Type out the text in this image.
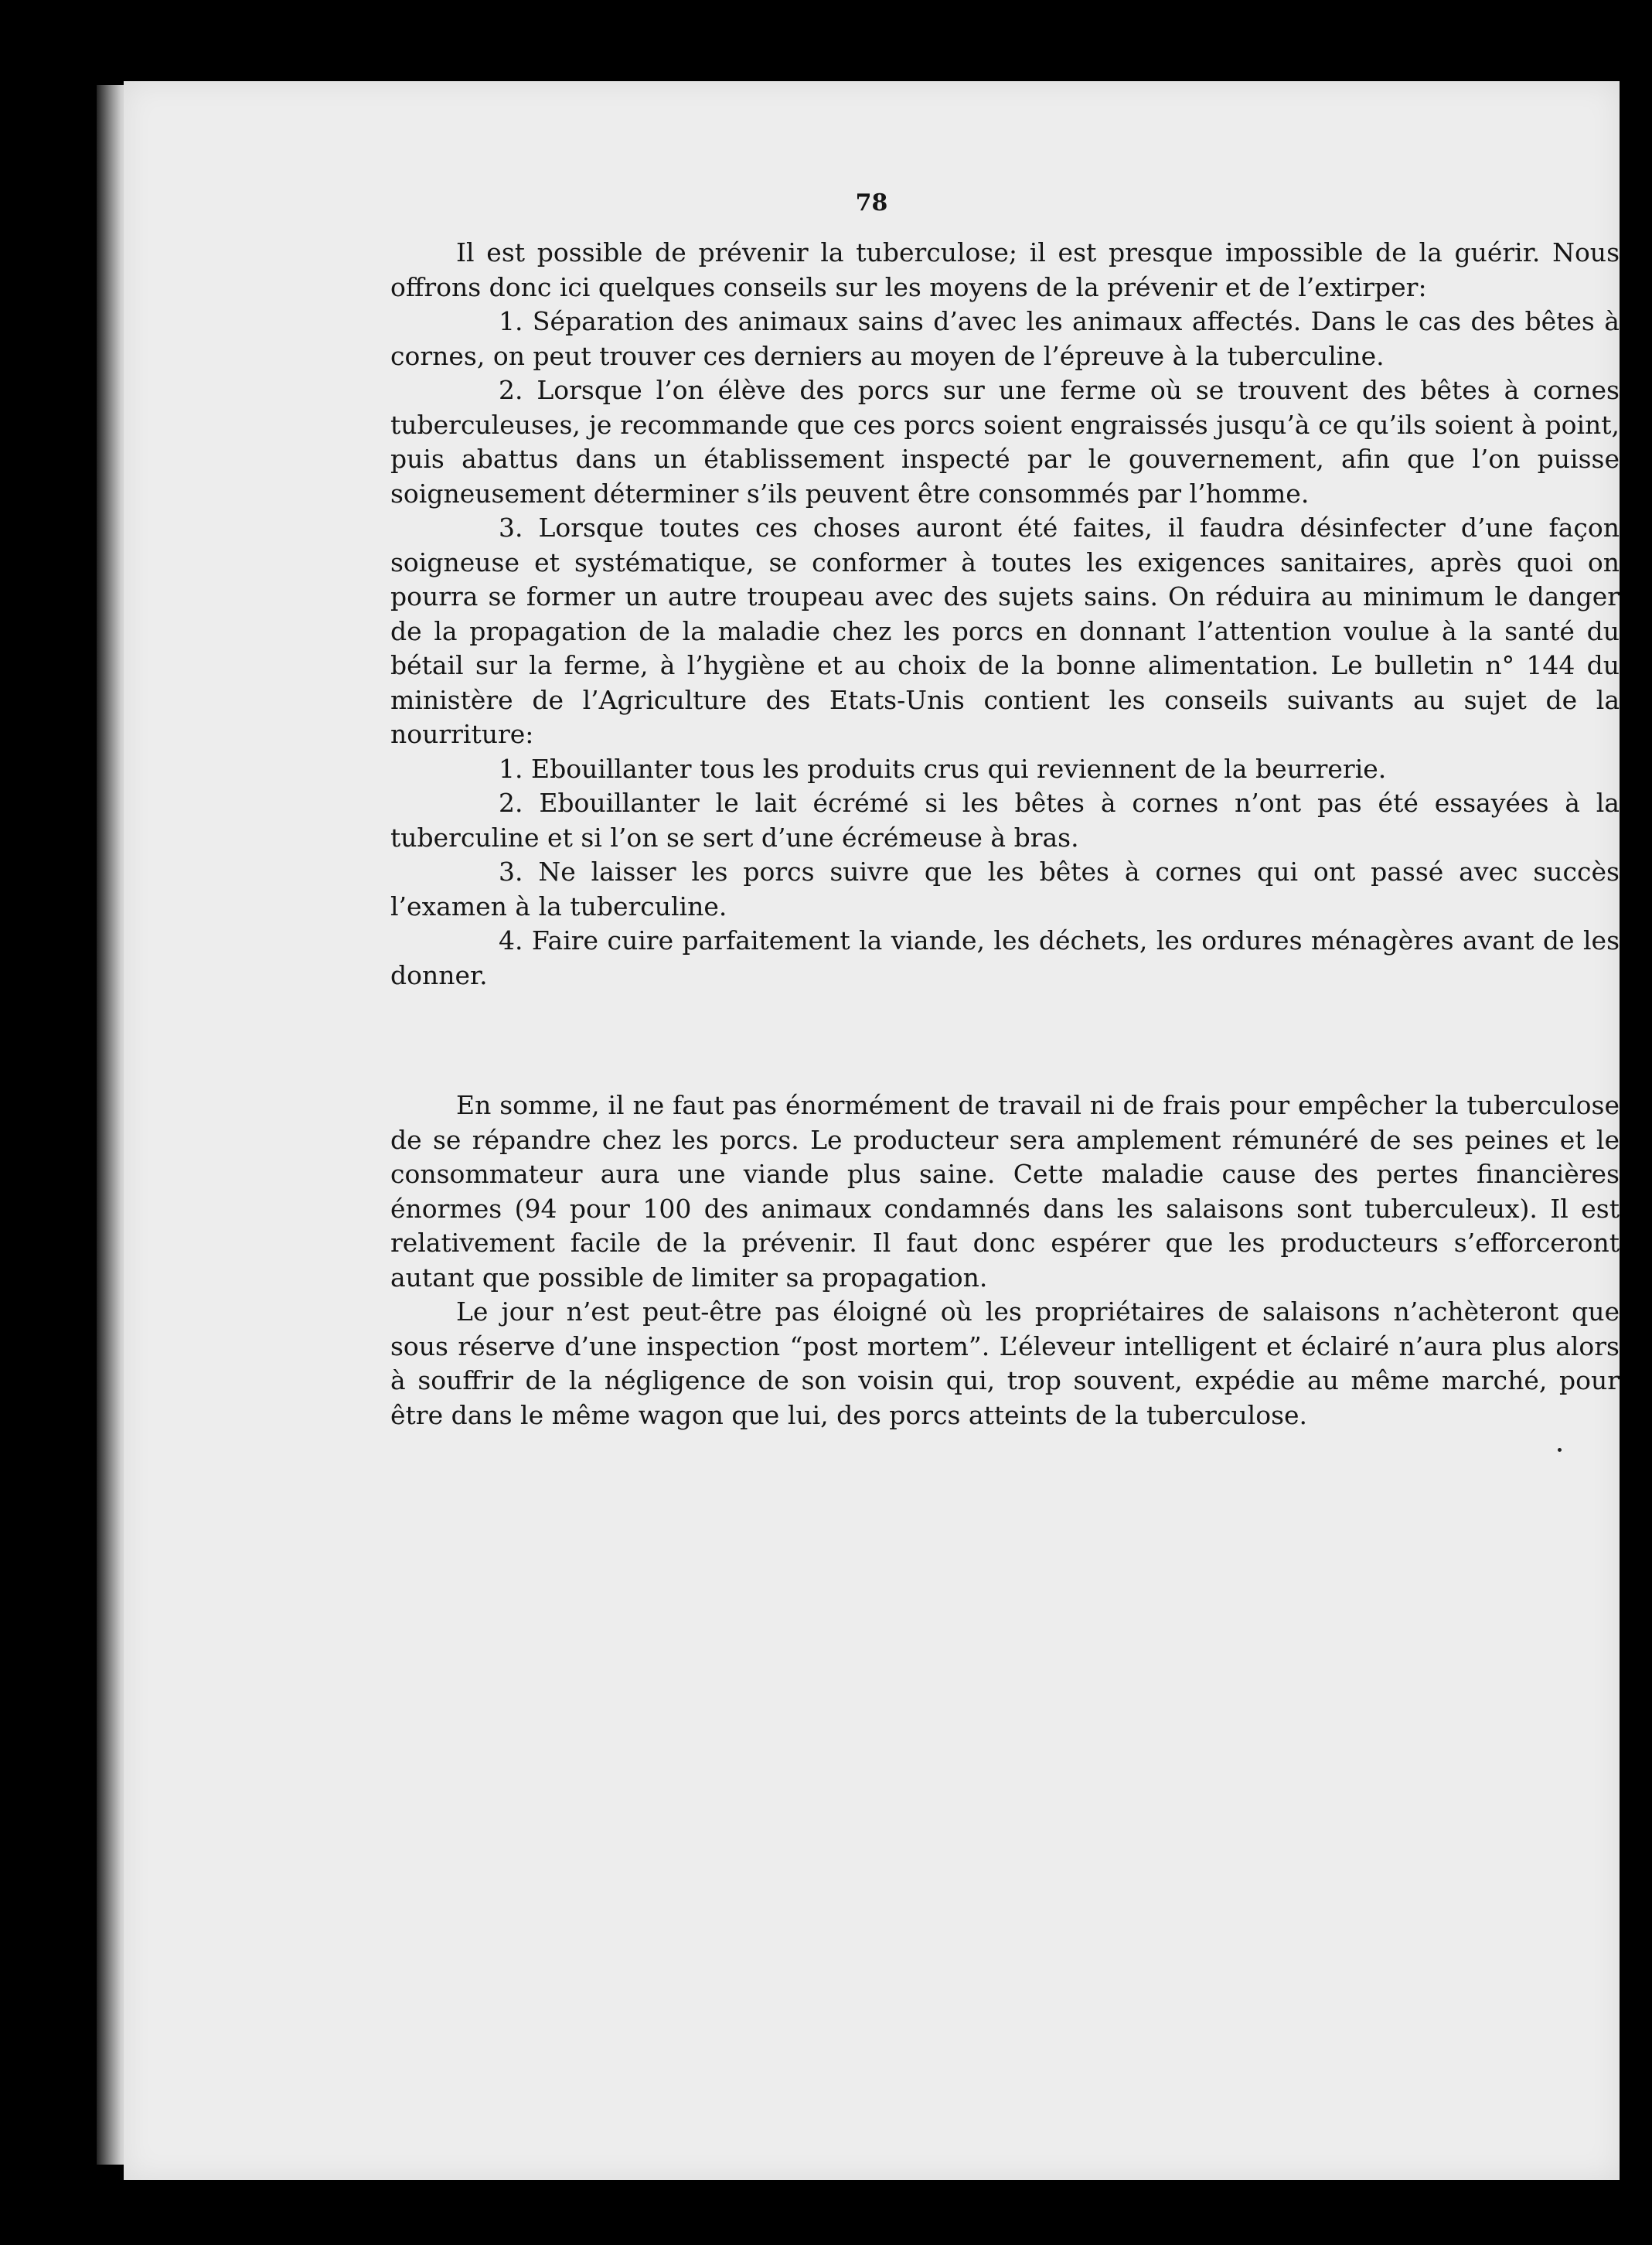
78

Il est possible de prévenir la tuberculose; il est presque impossible de la guérir. Nous offrons donc ici quelques conseils sur les moyens de la prévenir et de l’extirper:

1. Séparation des animaux sains d’avec les animaux affectés. Dans le cas des bêtes à cornes, on peut trouver ces derniers au moyen de l’épreuve à la tuberculine.

2. Lorsque l’on élève des porcs sur une ferme où se trouvent des bêtes à cornes tuberculeuses, je recommande que ces porcs soient engraissés jusqu’à ce qu’ils soient à point, puis abattus dans un établissement inspecté par le gouvernement, afin que l’on puisse soigneusement déterminer s’ils peuvent être consommés par l’homme.

3. Lorsque toutes ces choses auront été faites, il faudra désinfecter d’une façon soigneuse et systématique, se conformer à toutes les exigences sanitaires, après quoi on pourra se former un autre troupeau avec des sujets sains. On réduira au minimum le danger de la propagation de la maladie chez les porcs en donnant l’attention voulue à la santé du bétail sur la ferme, à l’hygiène et au choix de la bonne alimentation. Le bulletin n° 144 du ministère de l’Agriculture des Etats-Unis contient les conseils suivants au sujet de la nourriture:

1. Ebouillanter tous les produits crus qui reviennent de la beurrerie.

2. Ebouillanter le lait écrémé si les bêtes à cornes n’ont pas été essayées à la tuberculine et si l’on se sert d’une écrémeuse à bras.

3. Ne laisser les porcs suivre que les bêtes à cornes qui ont passé avec succès l’examen à la tuberculine.

4. Faire cuire parfaitement la viande, les déchets, les ordures ménagères avant de les donner.

En somme, il ne faut pas énormément de travail ni de frais pour empêcher la tuberculose de se répandre chez les porcs. Le producteur sera amplement rémunéré de ses peines et le consommateur aura une viande plus saine. Cette maladie cause des pertes financières énormes (94 pour 100 des animaux condamnés dans les salaisons sont tuberculeux). Il est relativement facile de la prévenir. Il faut donc espérer que les producteurs s’efforceront autant que possible de limiter sa propagation.

Le jour n’est peut-être pas éloigné où les propriétaires de salaisons n’achèteront que sous réserve d’une inspection “post mortem”. L’éleveur intelligent et éclairé n’aura plus alors à souffrir de la négligence de son voisin qui, trop souvent, expédie au même marché, pour être dans le même wagon que lui, des porcs atteints de la tuberculose.
